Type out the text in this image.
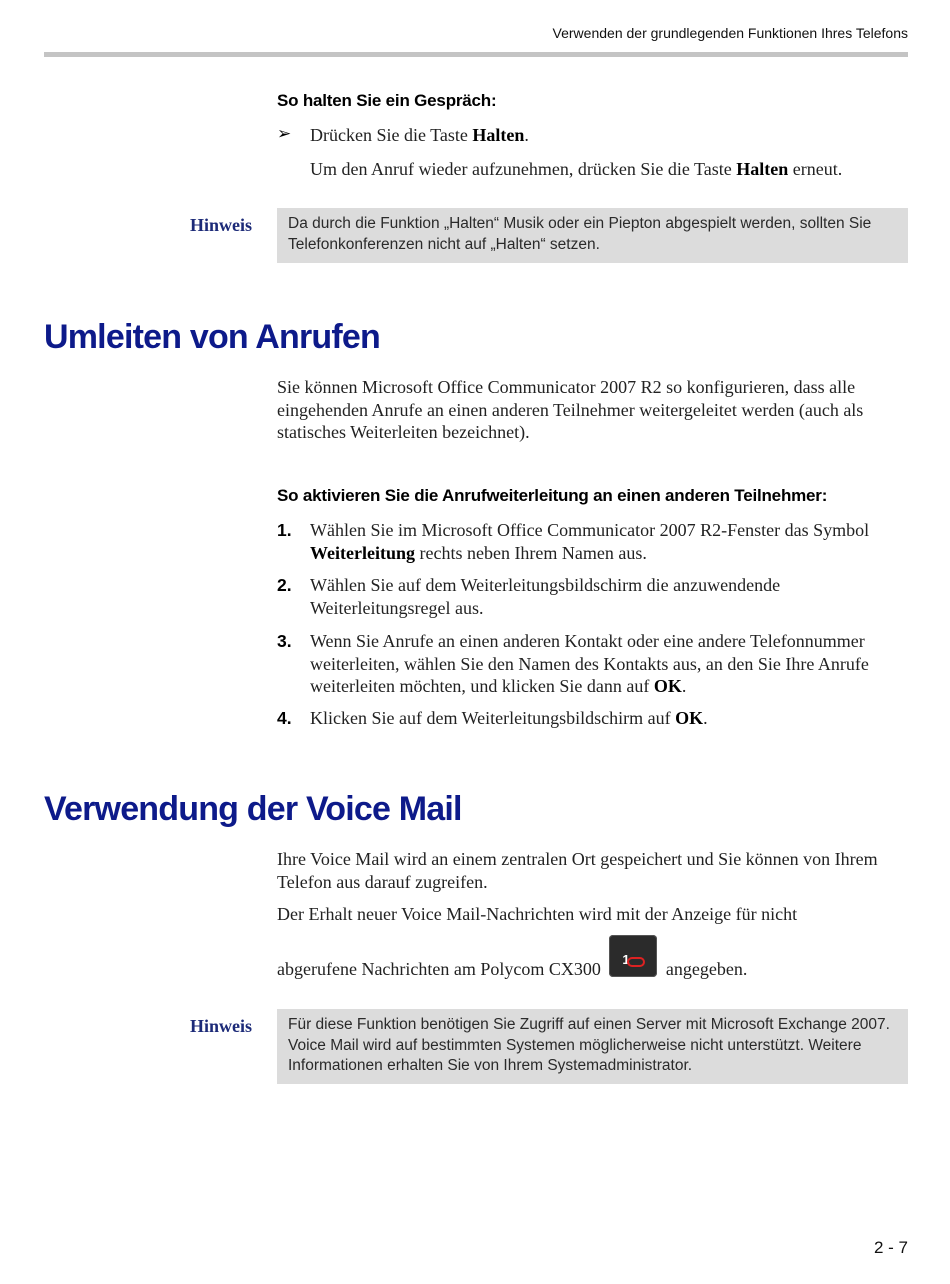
Verwenden der grundlegenden Funktionen Ihres Telefons
So halten Sie ein Gespräch:
➢ Drücken Sie die Taste Halten.
Um den Anruf wieder aufzunehmen, drücken Sie die Taste Halten erneut.
Hinweis	Da durch die Funktion „Halten“ Musik oder ein Piepton abgespielt werden, sollten Sie Telefonkonferenzen nicht auf „Halten“ setzen.
Umleiten von Anrufen
Sie können Microsoft Office Communicator 2007 R2 so konfigurieren, dass alle eingehenden Anrufe an einen anderen Teilnehmer weitergeleitet werden (auch als statisches Weiterleiten bezeichnet).
So aktivieren Sie die Anrufweiterleitung an einen anderen Teilnehmer:
1. Wählen Sie im Microsoft Office Communicator 2007 R2-Fenster das Symbol Weiterleitung rechts neben Ihrem Namen aus.
2. Wählen Sie auf dem Weiterleitungsbildschirm die anzuwendende Weiterleitungsregel aus.
3. Wenn Sie Anrufe an einen anderen Kontakt oder eine andere Telefonnummer weiterleiten, wählen Sie den Namen des Kontakts aus, an den Sie Ihre Anrufe weiterleiten möchten, und klicken Sie dann auf OK.
4. Klicken Sie auf dem Weiterleitungsbildschirm auf OK.
Verwendung der Voice Mail
Ihre Voice Mail wird an einem zentralen Ort gespeichert und Sie können von Ihrem Telefon aus darauf zugreifen.
Der Erhalt neuer Voice Mail-Nachrichten wird mit der Anzeige für nicht
abgerufene Nachrichten am Polycom CX300 1 angegeben.
Hinweis	Für diese Funktion benötigen Sie Zugriff auf einen Server mit Microsoft Exchange 2007. Voice Mail wird auf bestimmten Systemen möglicherweise nicht unterstützt. Weitere Informationen erhalten Sie von Ihrem Systemadministrator.
2 - 7
